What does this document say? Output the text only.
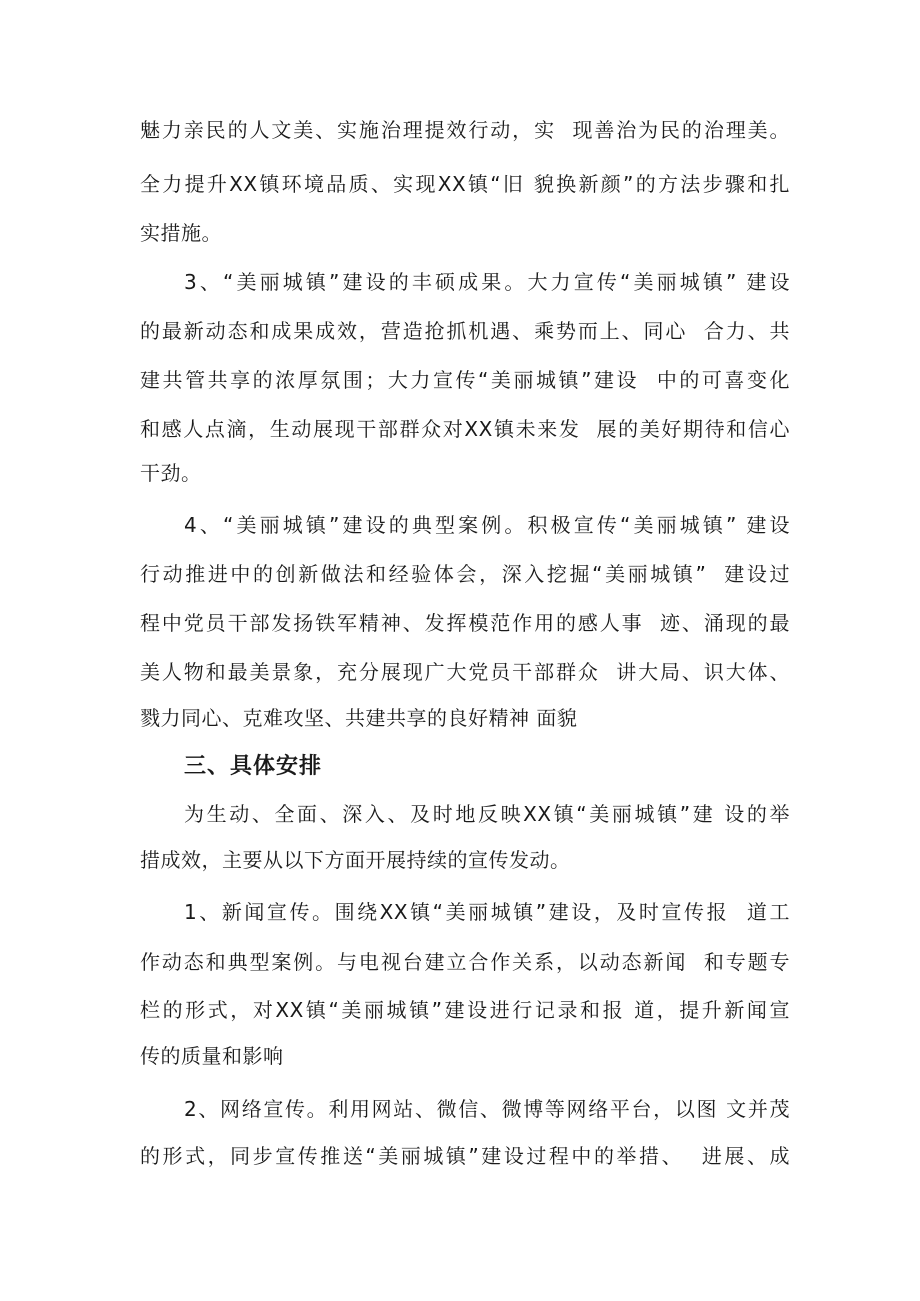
魅力亲民的人文美、实施治理提效行动，实  现善治为民的治理美。
全力提升XX镇环境品质、实现XX镇“旧 貌换新颜”的方法步骤和扎
实措施。
3、“美丽城镇”建设的丰硕成果。大力宣传“美丽城镇” 建设
的最新动态和成果成效，营造抢抓机遇、乘势而上、同心  合力、共
建共管共享的浓厚氛围；大力宣传“美丽城镇”建设  中的可喜变化
和感人点滴，生动展现干部群众对XX镇未来发  展的美好期待和信心
干劲。
4、“美丽城镇”建设的典型案例。积极宣传“美丽城镇” 建设
行动推进中的创新做法和经验体会，深入挖掘“美丽城镇”  建设过
程中党员干部发扬铁军精神、发挥模范作用的感人事  迹、涌现的最
美人物和最美景象，充分展现广大党员干部群众  讲大局、识大体、
戮力同心、克难攻坚、共建共享的良好精神 面貌
三、具体安排
为生动、全面、深入、及时地反映XX镇“美丽城镇”建 设的举
措成效，主要从以下方面开展持续的宣传发动。
1、新闻宣传。围绕XX镇“美丽城镇”建设，及时宣传报  道工
作动态和典型案例。与电视台建立合作关系，以动态新闻  和专题专
栏的形式，对XX镇“美丽城镇”建设进行记录和报 道，提升新闻宣
传的质量和影响
2、网络宣传。利用网站、微信、微博等网络平台，以图 文并茂
的形式，同步宣传推送“美丽城镇”建设过程中的举措、  进展、成
